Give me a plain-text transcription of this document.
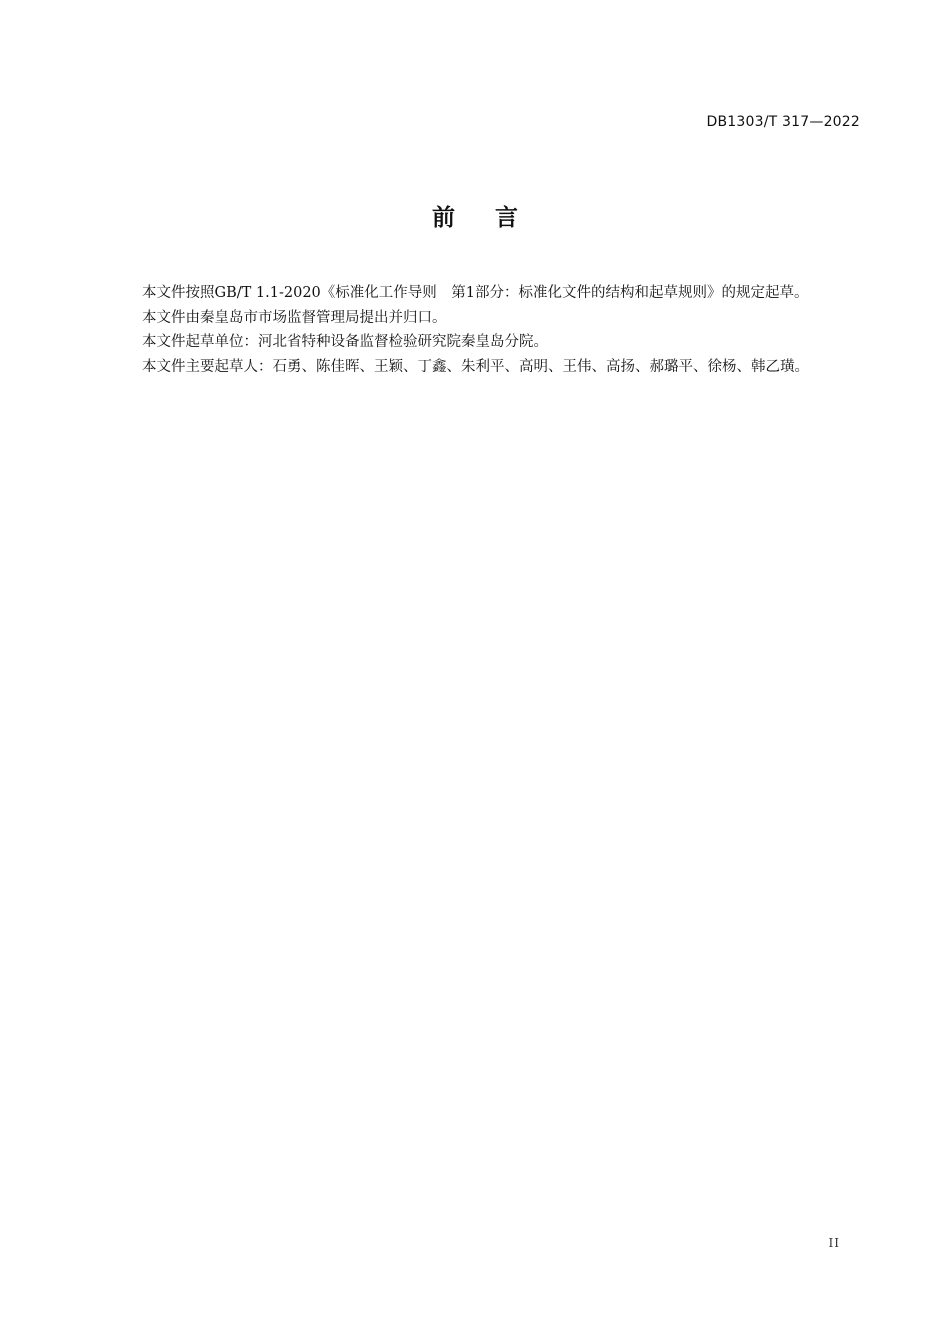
DB1303/T 317—2022
前     言

本文件按照GB/T 1.1-2020《标准化工作导则　第1部分：标准化文件的结构和起草规则》的规定起草。

本文件由秦皇岛市市场监督管理局提出并归口。

本文件起草单位：河北省特种设备监督检验研究院秦皇岛分院。

本文件主要起草人：石勇、陈佳晖、王颖、丁鑫、朱利平、高明、王伟、高扬、郝璐平、徐杨、韩乙璜。

II
